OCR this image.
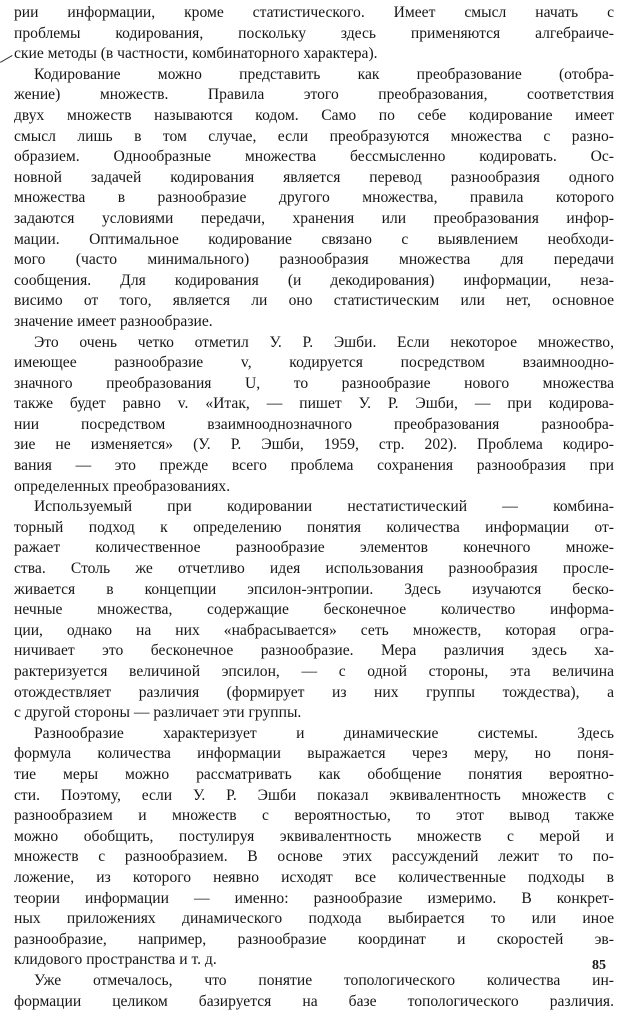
рии информации, кроме статистического. Имеет смысл начать с
проблемы кодирования, поскольку здесь применяются алгебраиче-
ские методы (в частности, комбинаторного характера).
Кодирование можно представить как преобразование (отобра-
жение) множеств. Правила этого преобразования, соответствия
двух множеств называются кодом. Само по себе кодирование имеет
смысл лишь в том случае, если преобразуются множества с разно-
образием. Однообразные множества бессмысленно кодировать. Ос-
новной задачей кодирования является перевод разнообразия одного
множества в разнообразие другого множества, правила которого
задаются условиями передачи, хранения или преобразования инфор-
мации. Оптимальное кодирование связано с выявлением необходи-
мого (часто минимального) разнообразия множества для передачи
сообщения. Для кодирования (и декодирования) информации, неза-
висимо от того, является ли оно статистическим или нет, основное
значение имеет разнообразие.
Это очень четко отметил У. Р. Эшби. Если некоторое множество,
имеющее разнообразие v, кодируется посредством взаимнооднo-
значного преобразования U, то разнообразие нового множества
также будет равно v. «Итак, — пишет У. Р. Эшби, — при кодирова-
нии посредством взаимнооднозначного преобразования разнообра-
зие не изменяется» (У. Р. Эшби, 1959, стр. 202). Проблема кодиро-
вания — это прежде всего проблема сохранения разнообразия при
определенных преобразованиях.
Используемый при кодировании нестатистический — комбина-
торный подход к определению понятия количества информации от-
ражает количественное разнообразие элементов конечного множе-
ства. Столь же отчетливо идея использования разнообразия просле-
живается в концепции эпсилон-энтропии. Здесь изучаются беско-
нечные множества, содержащие бесконечное количество информа-
ции, однако на них «набрасывается» сеть множеств, которая огра-
ничивает это бесконечное разнообразие. Мера различия здесь ха-
рактеризуется величиной эпсилон, — с одной стороны, эта величина
отождествляет различия (формирует из них группы тождества), а
с другой стороны — различает эти группы.
Разнообразие характеризует и динамические системы. Здесь
формула количества информации выражается через меру, но поня-
тие меры можно рассматривать как обобщение понятия вероятно-
сти. Поэтому, если У. Р. Эшби показал эквивалентность множеств с
разнообразием и множеств с вероятностью, то этот вывод также
можно обобщить, постулируя эквивалентность множеств с мерой и
множеств с разнообразием. В основе этих рассуждений лежит то по-
ложение, из которого неявно исходят все количественные подходы в
теории информации — именно: разнообразие измеримо. В конкрет-
ных приложениях динамического подхода выбирается то или иное
разнообразие, например, разнообразие координат и скоростей эв-
клидового пространства и т. д.
Уже отмечалось, что понятие топологического количества ин-
формации целиком базируется на базе топологического различия.
85
